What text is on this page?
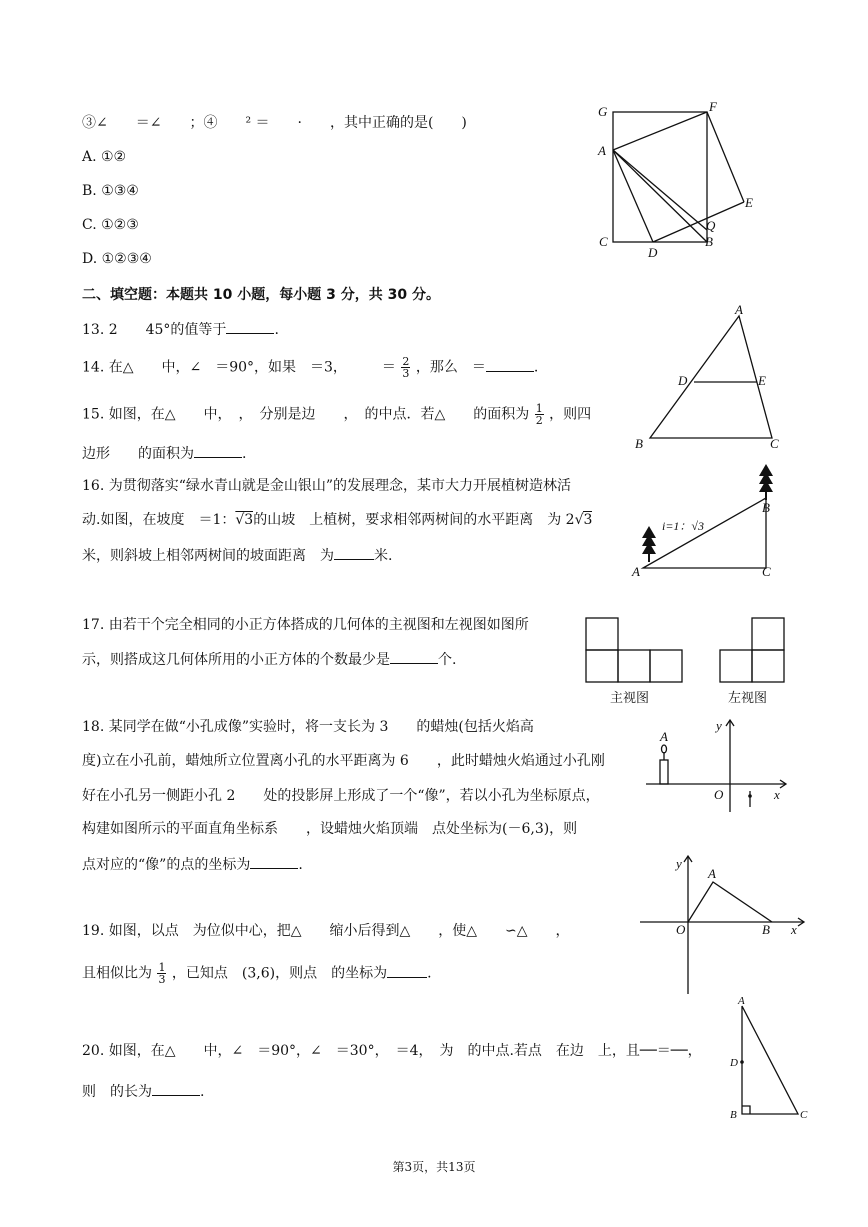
③∠　　＝∠　　；④　　² ＝　　·　　，其中正确的是(　　)
A. ①②
B. ①③④
C. ①②③
D. ①②③④
G	F
A
E
Q
C
D
B
二、填空题：本题共 10 小题，每小题 3 分，共 30 分。
13. 2　　45°的值等于	.
14. 在△　　中，∠　＝90°，如果　＝3，　　　＝ $\frac{2}{3}$ ，那么　＝	.
A
D	E
B	C
15. 如图，在△　　中，　，　分别是边　　，　的中点．若△　　的面积为 $\frac{1}{2}$ ，则四
边形　　的面积为	.
16. 为贯彻落实“绿水青山就是金山银山”的发展理念，某市大力开展植树造林活
动.如图，在坡度　＝1：√3的山坡　上植树，要求相邻两树间的水平距离　为 2√3
米，则斜坡上相邻两树间的坡面距离　为	米.
B
i=1：√3
A	C
17. 由若干个完全相同的小正方体搭成的几何体的主视图和左视图如图所
示，则搭成这几何体所用的小正方体的个数最少是	个.
主视图	左视图
18. 某同学在做“小孔成像”实验时，将一支长为 3　　的蜡烛(包括火焰高
度)立在小孔前，蜡烛所立位置离小孔的水平距离为 6　　，此时蜡烛火焰通过小孔刚
好在小孔另一侧距小孔 2　　处的投影屏上形成了一个“像”，若以小孔为坐标原点，
构建如图所示的平面直角坐标系　　，设蜡烛火焰顶端　点处坐标为(－6,3)，则
点对应的“像”的点的坐标为	.
A
y
O	x
y
A
O	B x
19. 如图，以点　为位似中心，把△　　缩小后得到△　　，使△　　∽△　　，
且相似比为 $\frac{1}{3}$ ，已知点　(3,6)，则点　的坐标为	.
20. 如图，在△　　中，∠　＝90°，∠　＝30°，　＝4，　为　的中点.若点　在边　上，且──＝──，
则　的长为	.
A
D
B	C
第3页，共13页
